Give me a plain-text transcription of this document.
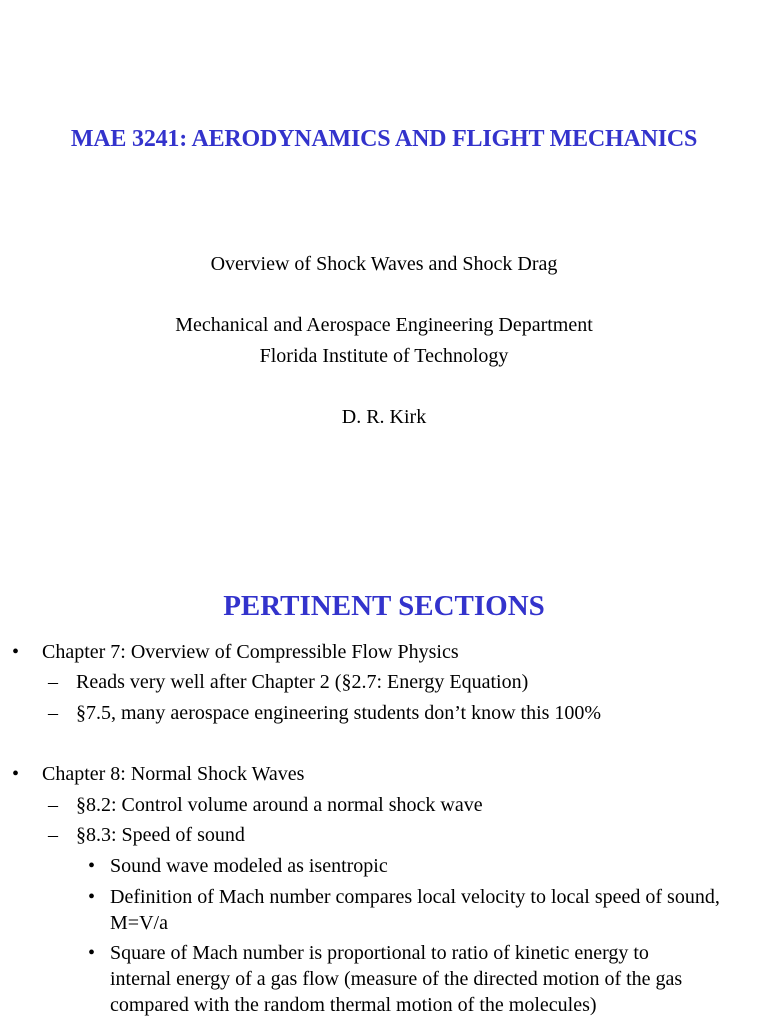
MAE 3241: AERODYNAMICS AND FLIGHT MECHANICS
Overview of Shock Waves and Shock Drag
Mechanical and Aerospace Engineering Department
Florida Institute of Technology
D. R. Kirk
PERTINENT SECTIONS
• Chapter 7: Overview of Compressible Flow Physics
– Reads very well after Chapter 2 (§2.7: Energy Equation)
– §7.5, many aerospace engineering students don’t know this 100%
• Chapter 8: Normal Shock Waves
– §8.2: Control volume around a normal shock wave
– §8.3: Speed of sound
• Sound wave modeled as isentropic
• Definition of Mach number compares local velocity to local speed of sound, M=V/a
• Square of Mach number is proportional to ratio of kinetic energy to internal energy of a gas flow (measure of the directed motion of the gas compared with the random thermal motion of the molecules)
